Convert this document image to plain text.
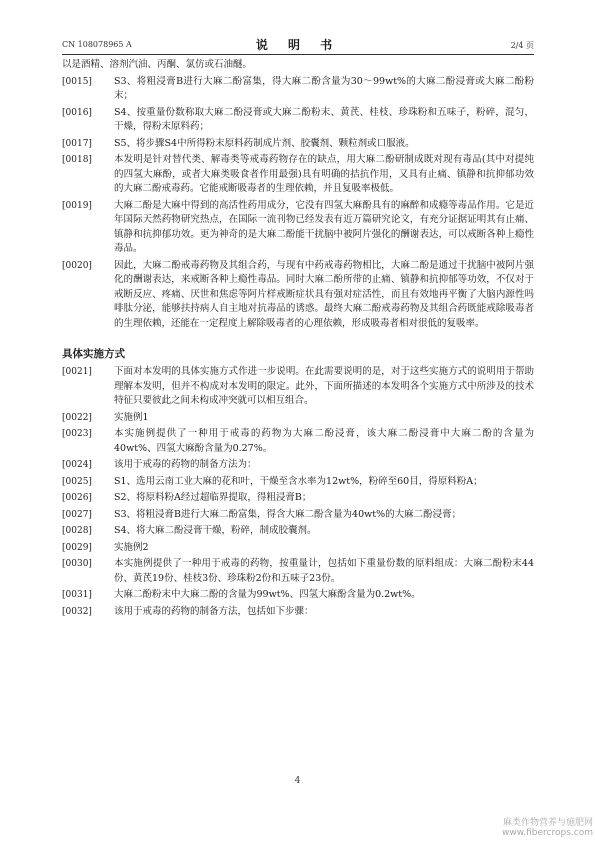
CN 108078965 A	说 明 书	2/4 页
以是酒精、溶剂汽油、丙酮、氯仿或石油醚。
[0015]	S3、将粗浸膏B进行大麻二酚富集，得大麻二酚含量为30～99wt%的大麻二酚浸膏或大麻二酚粉末；
[0016]	S4、按重量份数称取大麻二酚浸膏或大麻二酚粉末、黄芪、桂枝、珍珠粉和五味子，粉碎，混匀，干燥，得粉末原料药；
[0017]	S5、将步骤S4中所得粉末原料药制成片剂、胶囊剂、颗粒剂或口服液。
[0018]	本发明是针对替代类、解毒类等戒毒药物存在的缺点，用大麻二酚研制成既对现有毒品(其中对提纯的四氢大麻酚，或者大麻类吸食者作用最强)具有明确的拮抗作用，又具有止痛、镇静和抗抑郁功效的大麻二酚戒毒药。它能戒断吸毒者的生理依赖，并且复吸率极低。
[0019]	大麻二酚是大麻中得到的高活性药用成分，它没有四氢大麻酚具有的麻醉和成瘾等毒品作用。它是近年国际天然药物研究热点，在国际一流刊物已经发表有近万篇研究论文，有充分证据证明其有止痛、镇静和抗抑郁功效。更为神奇的是大麻二酚能干扰脑中被阿片强化的酬谢表达，可以戒断各种上瘾性毒品。
[0020]	因此，大麻二酚戒毒药物及其组合药，与现有中药戒毒药物相比，大麻二酚是通过干扰脑中被阿片强化的酬谢表达，来戒断各种上瘾性毒品。同时大麻二酚所带的止痛、镇静和抗抑郁等功效，不仅对于戒断反应、疼痛、厌世和焦虑等阿片样戒断症状具有强对症活性，而且有效地再平衡了大脑内源性吗啡肽分泌，能够扶持病人自主地对抗毒品的诱惑。最终大麻二酚戒毒药物及其组合药既能戒除吸毒者的生理依赖，还能在一定程度上解除吸毒者的心理依赖，形成吸毒者相对很低的复吸率。
具体实施方式
[0021]	下面对本发明的具体实施方式作进一步说明。在此需要说明的是，对于这些实施方式的说明用于帮助理解本发明，但并不构成对本发明的限定。此外，下面所描述的本发明各个实施方式中所涉及的技术特征只要彼此之间未构成冲突就可以相互组合。
[0022]	实施例1
[0023]	本实施例提供了一种用于戒毒的药物为大麻二酚浸膏，该大麻二酚浸膏中大麻二酚的含量为40wt%、四氢大麻酚含量为0.27%。
[0024]	该用于戒毒的药物的制备方法为：
[0025]	S1、选用云南工业大麻的花和叶，干燥至含水率为12wt%，粉碎至60目，得原料粉A；
[0026]	S2、将原料粉A经过超临界提取，得粗浸膏B；
[0027]	S3、将粗浸膏B进行大麻二酚富集，得含大麻二酚含量为40wt%的大麻二酚浸膏；
[0028]	S4、将大麻二酚浸膏干燥，粉碎，制成胶囊剂。
[0029]	实施例2
[0030]	本实施例提供了一种用于戒毒的药物，按重量计，包括如下重量份数的原料组成：大麻二酚粉末44份、黄芪19份、桂枝3份、珍珠粉2份和五味子23份。
[0031]	大麻二酚粉末中大麻二酚的含量为99wt%、四氢大麻酚含量为0.2wt%。
[0032]	该用于戒毒的药物的制备方法，包括如下步骤：
4
麻类作物营养与施肥网
www.fibercrops.com
